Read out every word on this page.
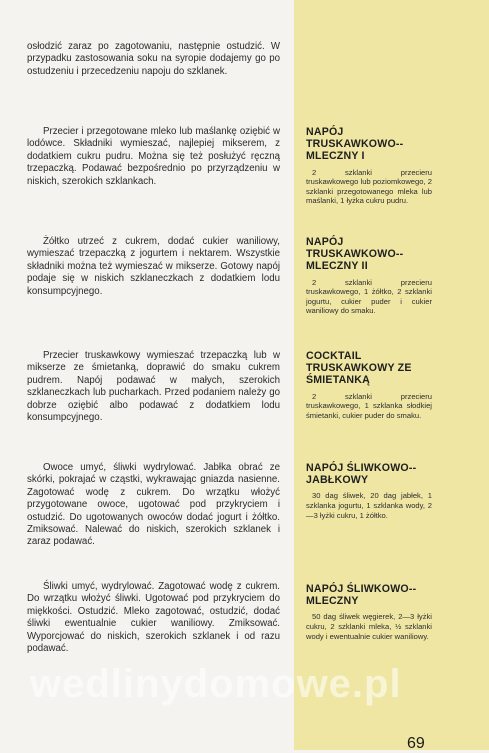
osłodzić zaraz po zagotowaniu, następnie ostudzić. W przypadku zastosowania soku na syropie dodajemy go po ostudzeniu i przecedzeniu napoju do szklanek.

Przecier i przegotowane mleko lub maślankę oziębić w lodówce. Składniki wymieszać, najlepiej mikserem, z dodatkiem cukru pudru. Można się też posłużyć ręczną trzepaczką. Podawać bezpośrednio po przyrządzeniu w niskich, szerokich szklankach.

Żółtko utrzeć z cukrem, dodać cukier waniliowy, wymieszać trzepaczką z jogurtem i nektarem. Wszystkie składniki można też wymieszać w mikserze. Gotowy napój podaje się w niskich szklaneczkach z dodatkiem lodu konsumpcyjnego.

Przecier truskawkowy wymieszać trzepaczką lub w mikserze ze śmietanką, doprawić do smaku cukrem pudrem. Napój podawać w małych, szerokich szklaneczkach lub pucharkach. Przed podaniem należy go dobrze oziębić albo podawać z dodatkiem lodu konsumpcyjnego.

Owoce umyć, śliwki wydrylować. Jabłka obrać ze skórki, pokrajać w cząstki, wykrawając gniazda nasienne. Zagotować wodę z cukrem. Do wrzątku włożyć przygotowane owoce, ugotować pod przykryciem i ostudzić. Do ugotowanych owoców dodać jogurt i żółtko. Zmiksować. Nalewać do niskich, szerokich szklanek i zaraz podawać.

Śliwki umyć, wydrylować. Zagotować wodę z cukrem. Do wrzątku włożyć śliwki. Ugotować pod przykryciem do miękkości. Ostudzić. Mleko zagotować, ostudzić, dodać śliwki ewentualnie cukier waniliowy. Zmiksować. Wyporcjować do niskich, szerokich szklanek i od razu podawać.

NAPÓJ TRUSKAWKOWO--MLECZNY I

2 szklanki przecieru truskawkowego lub poziomkowego, 2 szklanki przegotowanego mleka lub maślanki, 1 łyżka cukru pudru.

NAPÓJ TRUSKAWKOWO--MLECZNY II

2 szklanki przecieru truskawkowego, 1 żółtko, 2 szklanki jogurtu, cukier puder i cukier waniliowy do smaku.

COCKTAIL TRUSKAWKOWY ZE ŚMIETANKĄ

2 szklanki przecieru truskawkowego, 1 szklanka słodkiej śmietanki, cukier puder do smaku.

NAPÓJ ŚLIWKOWO--JABŁKOWY

30 dag śliwek, 20 dag jabłek, 1 szklanka jogurtu, 1 szklanka wody, 2—3 łyżki cukru, 1 żółtko.

NAPÓJ ŚLIWKOWO--MLECZNY

50 dag śliwek węgierek, 2—3 łyżki cukru, 2 szklanki mleka, ½ szklanki wody i ewentualnie cukier waniliowy.

wedlinydomowe.pl
69
